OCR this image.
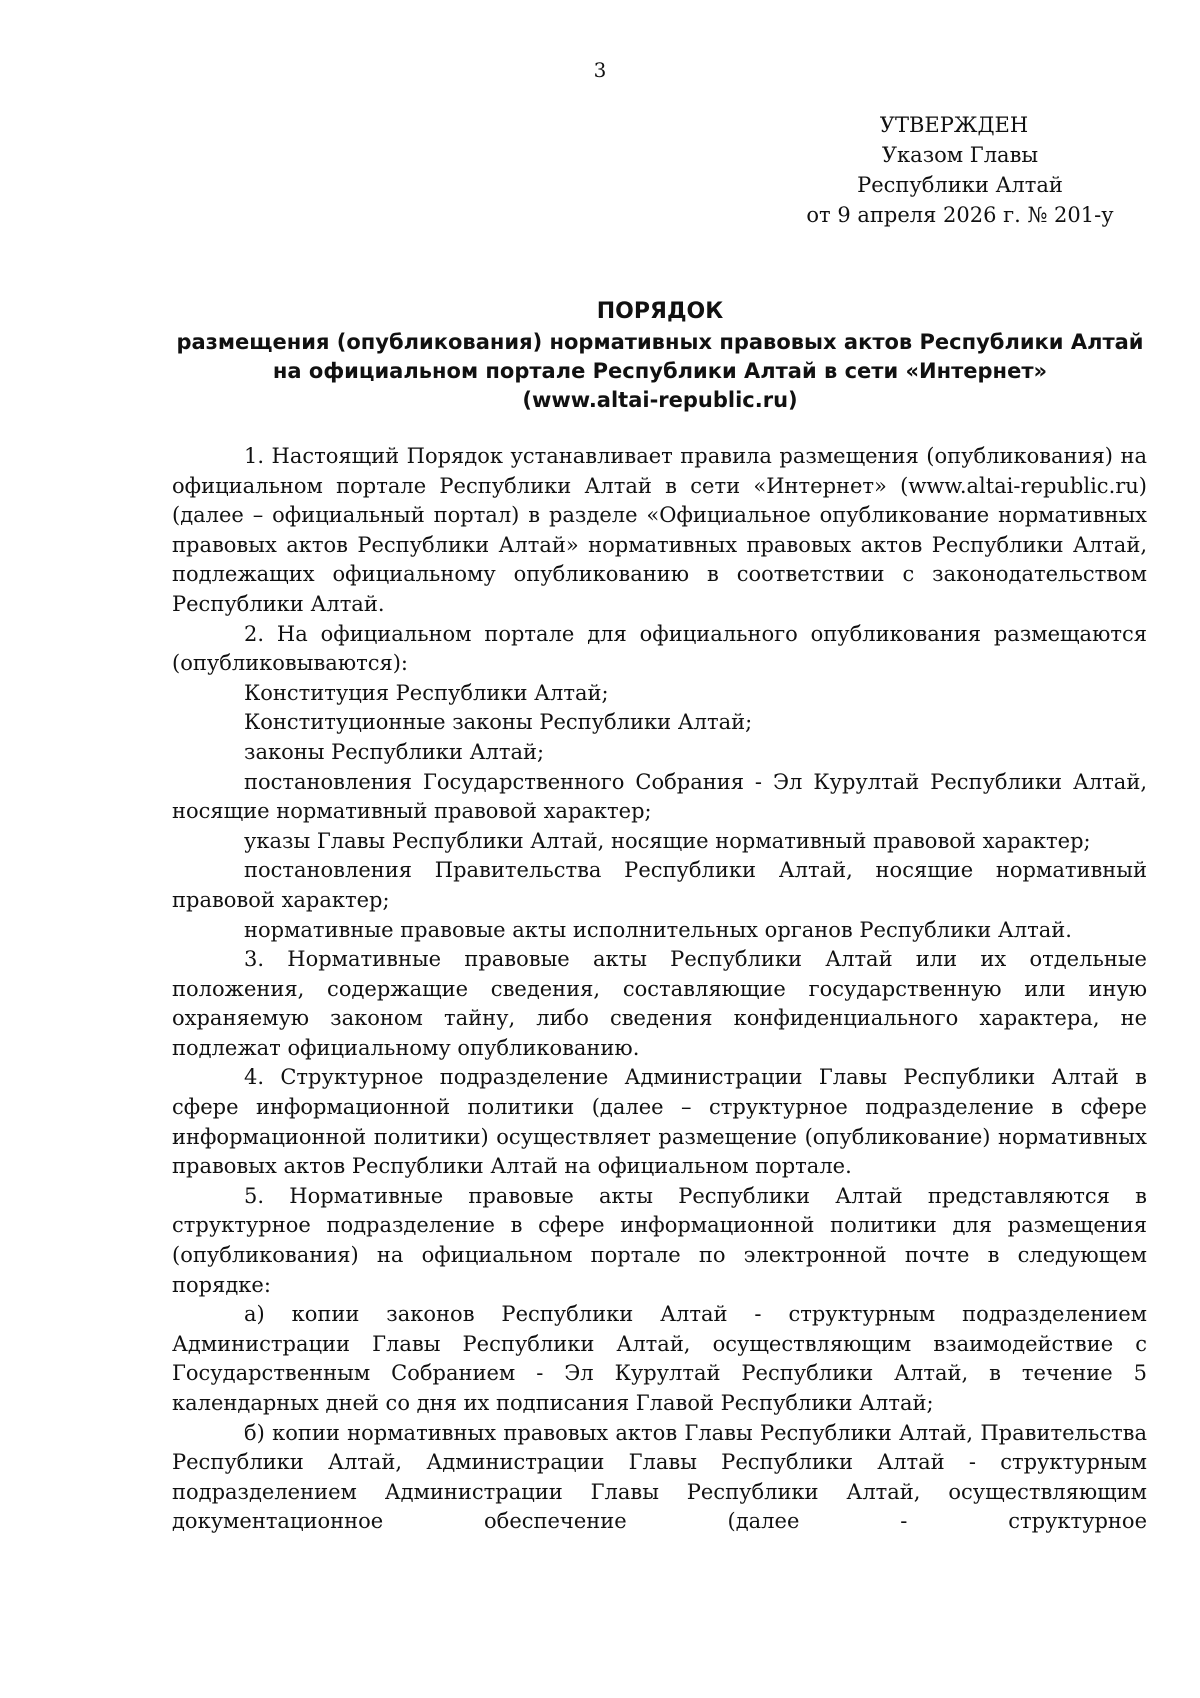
3
УТВЕРЖДЕН
Указом Главы
Республики Алтай
от 9 апреля 2026 г. № 201-у
ПОРЯДОК
размещения (опубликования) нормативных правовых актов Республики Алтай
на официальном портале Республики Алтай в сети «Интернет»
(www.altai-republic.ru)

1. Настоящий Порядок устанавливает правила размещения (опубликования) на официальном портале Республики Алтай в сети «Интернет» (www.altai-republic.ru) (далее – официальный портал) в разделе «Официальное опубликование нормативных правовых актов Республики Алтай» нормативных правовых актов Республики Алтай, подлежащих официальному опубликованию в соответствии с законодательством Республики Алтай.

2. На официальном портале для официального опубликования размещаются (опубликовываются):

Конституция Республики Алтай;

Конституционные законы Республики Алтай;

законы Республики Алтай;

постановления Государственного Собрания - Эл Курултай Республики Алтай, носящие нормативный правовой характер;

указы Главы Республики Алтай, носящие нормативный правовой характер;

постановления Правительства Республики Алтай, носящие нормативный правовой характер;

нормативные правовые акты исполнительных органов Республики Алтай.

3. Нормативные правовые акты Республики Алтай или их отдельные положения, содержащие сведения, составляющие государственную или иную охраняемую законом тайну, либо сведения конфиденциального характера, не подлежат официальному опубликованию.

4. Структурное подразделение Администрации Главы Республики Алтай в сфере информационной политики (далее – структурное подразделение в сфере информационной политики) осуществляет размещение (опубликование) нормативных правовых актов Республики Алтай на официальном портале.

5. Нормативные правовые акты Республики Алтай представляются в структурное подразделение в сфере информационной политики для размещения (опубликования) на официальном портале по электронной почте в следующем порядке:

а) копии законов Республики Алтай - структурным подразделением Администрации Главы Республики Алтай, осуществляющим взаимодействие с Государственным Собранием - Эл Курултай Республики Алтай, в течение 5 календарных дней со дня их подписания Главой Республики Алтай;

б) копии нормативных правовых актов Главы Республики Алтай, Правительства Республики Алтай, Администрации Главы Республики Алтай - структурным подразделением Администрации Главы Республики Алтай, осуществляющим документационное обеспечение (далее - структурное
